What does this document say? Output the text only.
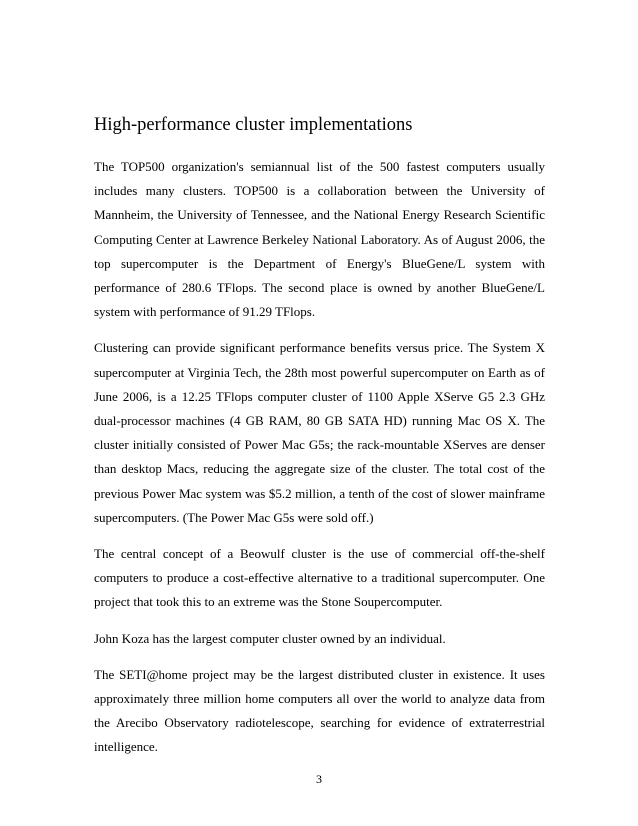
High-performance cluster implementations

The TOP500 organization's semiannual list of the 500 fastest computers usually includes many clusters. TOP500 is a collaboration between the University of Mannheim, the University of Tennessee, and the National Energy Research Scientific Computing Center at Lawrence Berkeley National Laboratory. As of August 2006, the top supercomputer is the Department of Energy's BlueGene/L system with performance of 280.6 TFlops. The second place is owned by another BlueGene/L system with performance of 91.29 TFlops.

Clustering can provide significant performance benefits versus price. The System X supercomputer at Virginia Tech, the 28th most powerful supercomputer on Earth as of June 2006, is a 12.25 TFlops computer cluster of 1100 Apple XServe G5 2.3 GHz dual-processor machines (4 GB RAM, 80 GB SATA HD) running Mac OS X. The cluster initially consisted of Power Mac G5s; the rack-mountable XServes are denser than desktop Macs, reducing the aggregate size of the cluster. The total cost of the previous Power Mac system was $5.2 million, a tenth of the cost of slower mainframe supercomputers. (The Power Mac G5s were sold off.)

The central concept of a Beowulf cluster is the use of commercial off-the-shelf computers to produce a cost-effective alternative to a traditional supercomputer. One project that took this to an extreme was the Stone Soupercomputer.

John Koza has the largest computer cluster owned by an individual.

The SETI@home project may be the largest distributed cluster in existence. It uses approximately three million home computers all over the world to analyze data from the Arecibo Observatory radiotelescope, searching for evidence of extraterrestrial intelligence.

3
